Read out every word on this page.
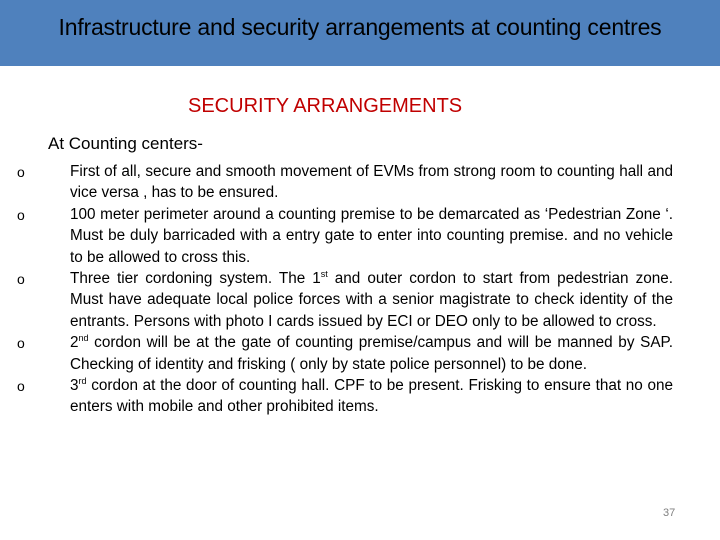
Infrastructure and security arrangements at counting centres
SECURITY ARRANGEMENTS
At Counting centers-
o	First of all, secure and smooth movement of EVMs from strong room to counting hall and vice versa , has to be ensured.
o	100 meter perimeter around a counting premise to be demarcated as ‘Pedestrian Zone ‘. Must be duly barricaded with a entry gate to enter into counting premise. and no vehicle to be allowed to cross this.
o	Three tier cordoning system. The 1st and outer cordon to start from pedestrian zone. Must have adequate local police forces with a senior magistrate to check identity of the entrants. Persons with photo I cards issued by ECI or DEO only to be allowed to cross.
o	2nd cordon will be at the gate of counting premise/campus and will be manned by SAP. Checking of identity and frisking ( only by state police personnel) to be done.
o	3rd cordon at the door of counting hall. CPF to be present. Frisking to ensure that no one enters with mobile and other prohibited items.
37
